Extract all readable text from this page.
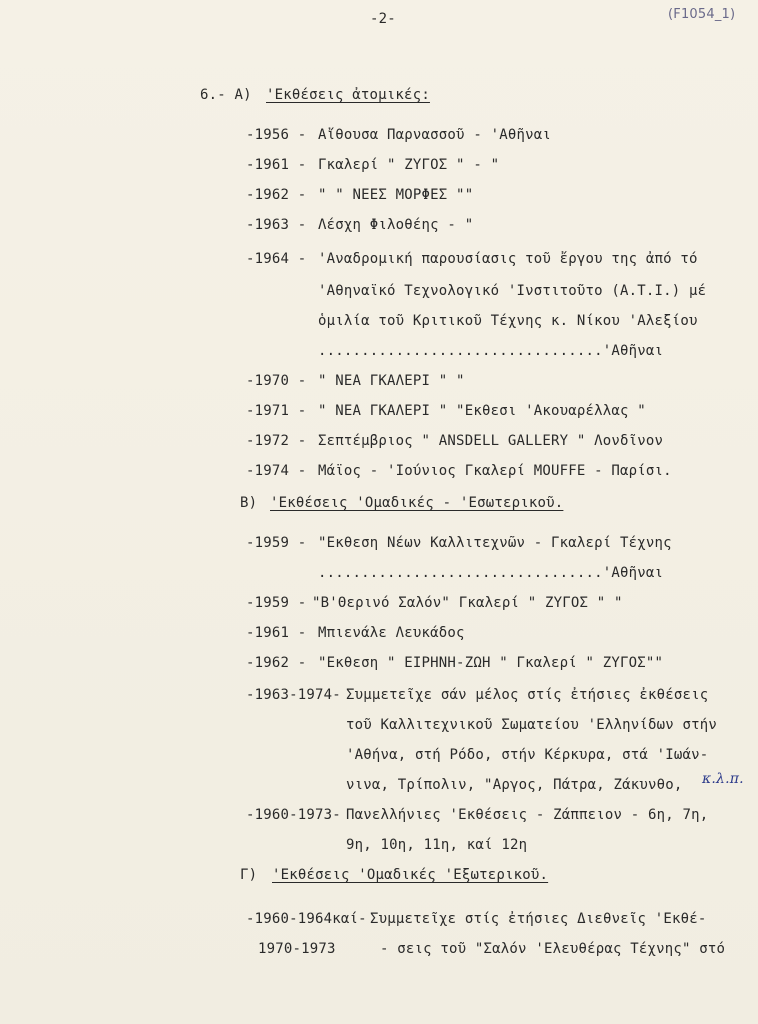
-2-	(F1054_1)
6.- A) 'Εκθέσεις ἀτομικές:
-1956 - Αἴθουσα Παρνασσοῦ - 'Αθῆναι
-1961 - Γκαλερί " ΖΥΓΟΣ " - "
-1962 - " " ΝΕΕΣ ΜΟΡΦΕΣ ""
-1963 - Λέσχη Φιλοθέης - "
-1964 - 'Αναδρομική παρουσίασις τοῦ ἔργου της ἀπό τό
'Αθηναϊκό Τεχνολογικό 'Ινστιτοῦτο (Α.Τ.Ι.) μέ
ὁμιλία τοῦ Κριτικοῦ Τέχνης κ. Νίκου 'Αλεξίου
.................................'Αθῆναι
-1970 - " ΝΕΑ ΓΚΑΛΕΡΙ " "
-1971 - " ΝΕΑ ΓΚΑΛΕΡΙ " "Εκθεσι 'Ακουαρέλλας "
-1972 - Σεπτέμβριος " ANSDELL GALLERY " Λονδῖνον
-1974 - Μάϊος - 'Ιούνιος Γκαλερί MOUFFE - Παρίσι.
B) 'Εκθέσεις 'Ομαδικές - 'Εσωτερικοῦ.
-1959 - "Εκθεση Νέων Καλλιτεχνῶν - Γκαλερί Τέχνης
.................................'Αθῆναι
-1959 - "Β'Θερινό Σαλόν" Γκαλερί " ΖΥΓΟΣ " "
-1961 - Μπιενάλε Λευκάδος
-1962 - "Εκθεση " ΕΙΡΗΝΗ-ΖΩΗ " Γκαλερί " ΖΥΓΟΣ""
-1963-1974- Συμμετεῖχε σάν μέλος στίς ἐτήσιες ἐκθέσεις
τοῦ Καλλιτεχνικοῦ Σωματείου 'Ελληνίδων στήν
'Αθήνα, στή Ρόδο, στήν Κέρκυρα, στά 'Ιωάν-
νινα, Τρίπολιν, "Αργος, Πάτρα, Ζάκυνθο, κ.λ.π.
-1960-1973- Πανελλήνιες 'Εκθέσεις - Ζάππειον - 6η, 7η,
9η, 10η, 11η, καί 12η
Γ) 'Εκθέσεις 'Ομαδικές 'Εξωτερικοῦ.
-1960-1964καί- Συμμετεῖχε στίς ἐτήσιες Διεθνεῖς 'Εκθέ-
1970-1973	- σεις τοῦ "Σαλόν 'Ελευθέρας Τέχνης" στό
